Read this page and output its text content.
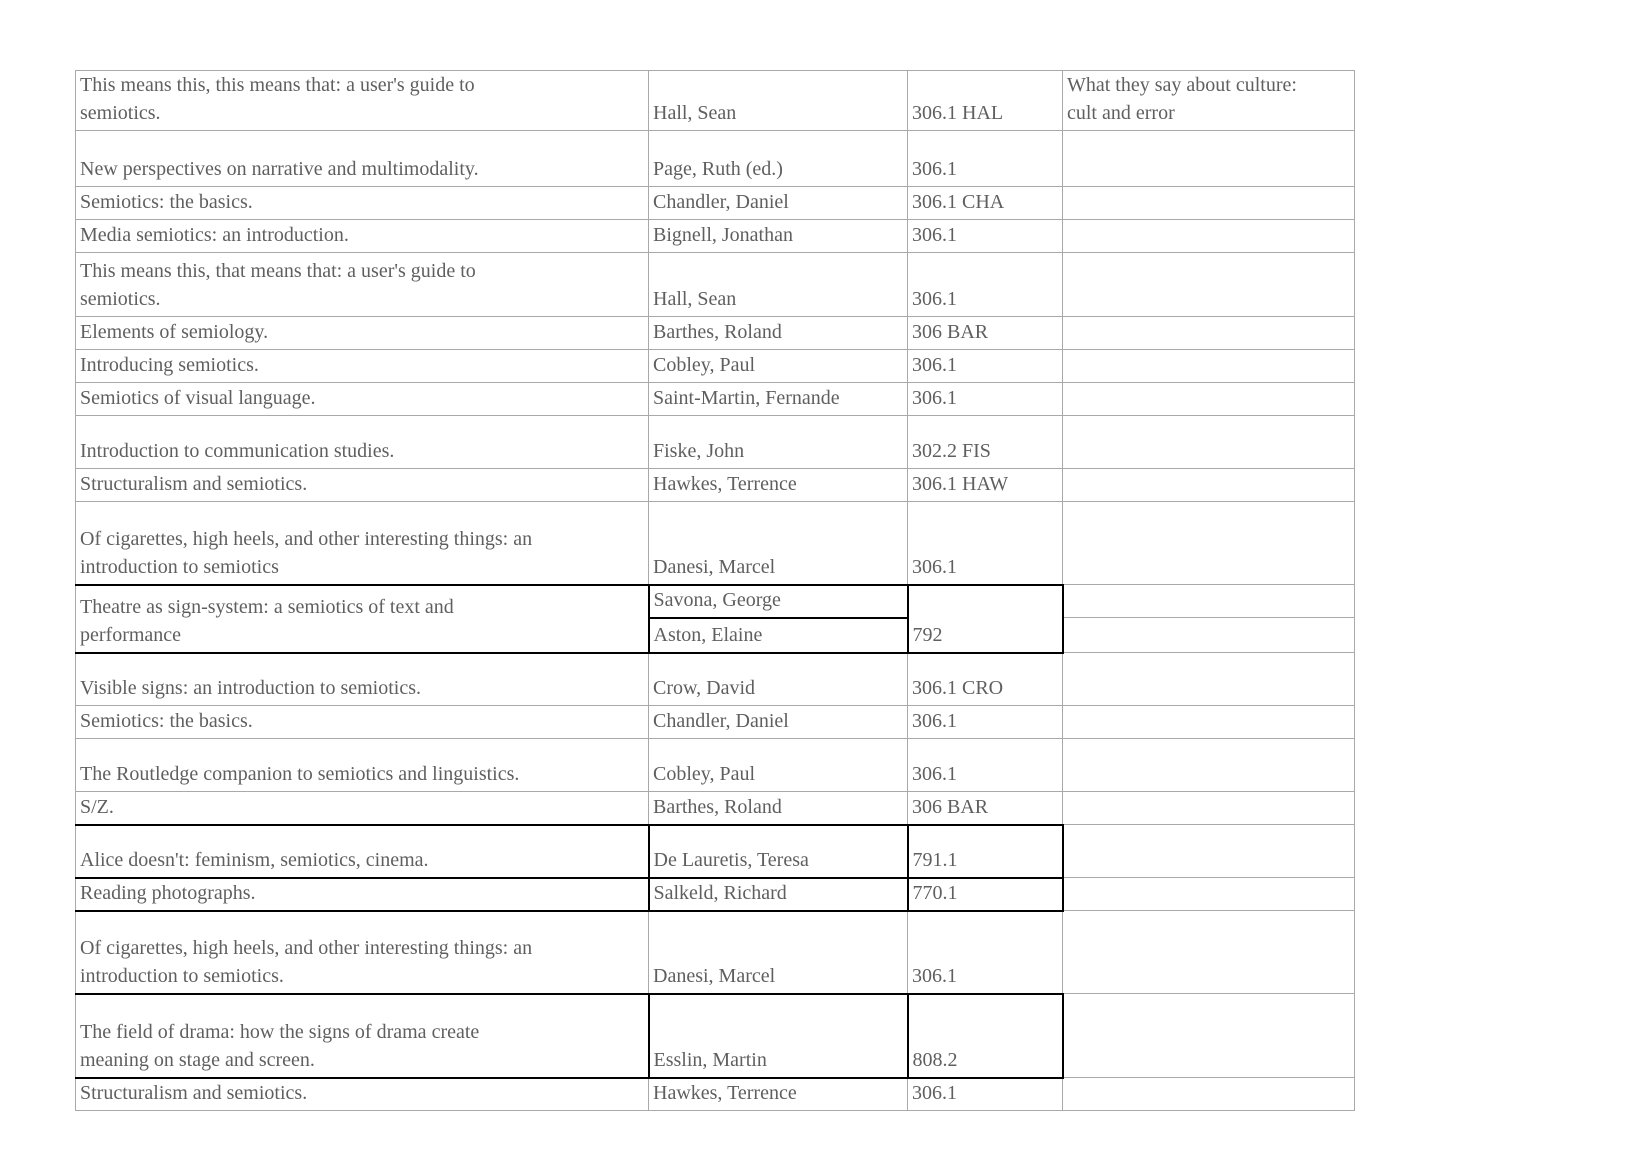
This means this, this means that: a user's guide to
semiotics.	Hall, Sean	306.1 HAL	What they say about culture:
cult and error
New perspectives on narrative and multimodality.	Page, Ruth (ed.)	306.1	
Semiotics: the basics.	Chandler, Daniel	306.1 CHA	
Media semiotics: an introduction.	Bignell, Jonathan	306.1	
This means this, that means that: a user's guide to
semiotics.	Hall, Sean	306.1	
Elements of semiology.	Barthes, Roland	306 BAR	
Introducing semiotics.	Cobley, Paul	306.1	
Semiotics of visual language.	Saint-Martin, Fernande	306.1	
Introduction to communication studies.	Fiske, John	302.2 FIS	
Structuralism and semiotics.	Hawkes, Terrence	306.1 HAW	
Of cigarettes, high heels, and other interesting things: an
introduction to semiotics	Danesi, Marcel	306.1	
Theatre as sign-system: a semiotics of text and
performance	Savona, George	792	
	Aston, Elaine		
Visible signs: an introduction to semiotics.	Crow, David	306.1 CRO	
Semiotics: the basics.	Chandler, Daniel	306.1	
The Routledge companion to semiotics and linguistics.	Cobley, Paul	306.1	
S/Z.	Barthes, Roland	306 BAR	
Alice doesn't: feminism, semiotics, cinema.	De Lauretis, Teresa	791.1	
Reading photographs.	Salkeld, Richard	770.1	
Of cigarettes, high heels, and other interesting things: an
introduction to semiotics.	Danesi, Marcel	306.1	
The field of drama: how the signs of drama create
meaning on stage and screen.	Esslin, Martin	808.2	
Structuralism and semiotics.	Hawkes, Terrence	306.1	
